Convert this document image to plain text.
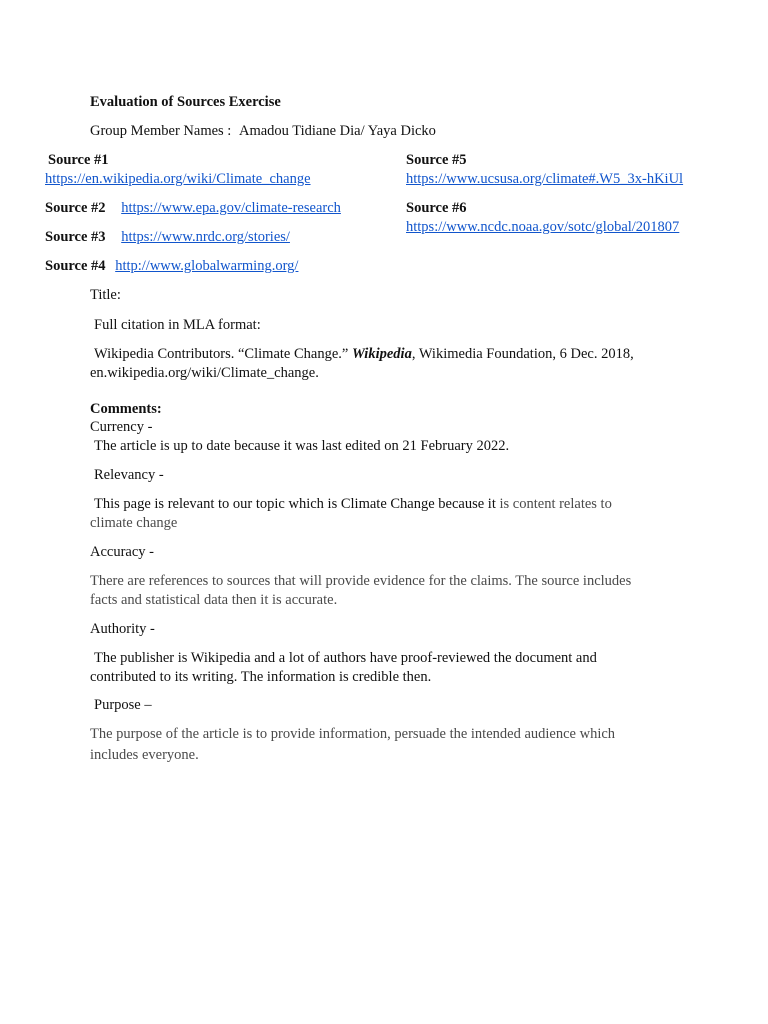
Evaluation of Sources Exercise
Group Member Names : Amadou Tidiane Dia/ Yaya Dicko
Source #1
https://en.wikipedia.org/wiki/Climate_change
Source #2 https://www.epa.gov/climate-research
Source #3 https://www.nrdc.org/stories/
Source #4 http://www.globalwarming.org/
Source #5
https://www.ucsusa.org/climate#.W5_3x-hKiUl
Source #6
https://www.ncdc.noaa.gov/sotc/global/201807
Title:
Full citation in MLA format:
Wikipedia Contributors. “Climate Change.” Wikipedia, Wikimedia Foundation, 6 Dec. 2018,
en.wikipedia.org/wiki/Climate_change.
Comments:
Currency -
The article is up to date because it was last edited on 21 February 2022.
Relevancy -
This page is relevant to our topic which is Climate Change because it is content relates to
climate change
Accuracy -
There are references to sources that will provide evidence for the claims. The source includes
facts and statistical data then it is accurate.
Authority -
The publisher is Wikipedia and a lot of authors have proof-reviewed the document and
contributed to its writing. The information is credible then.
Purpose –
The purpose of the article is to provide information, persuade the intended audience which
includes everyone.
